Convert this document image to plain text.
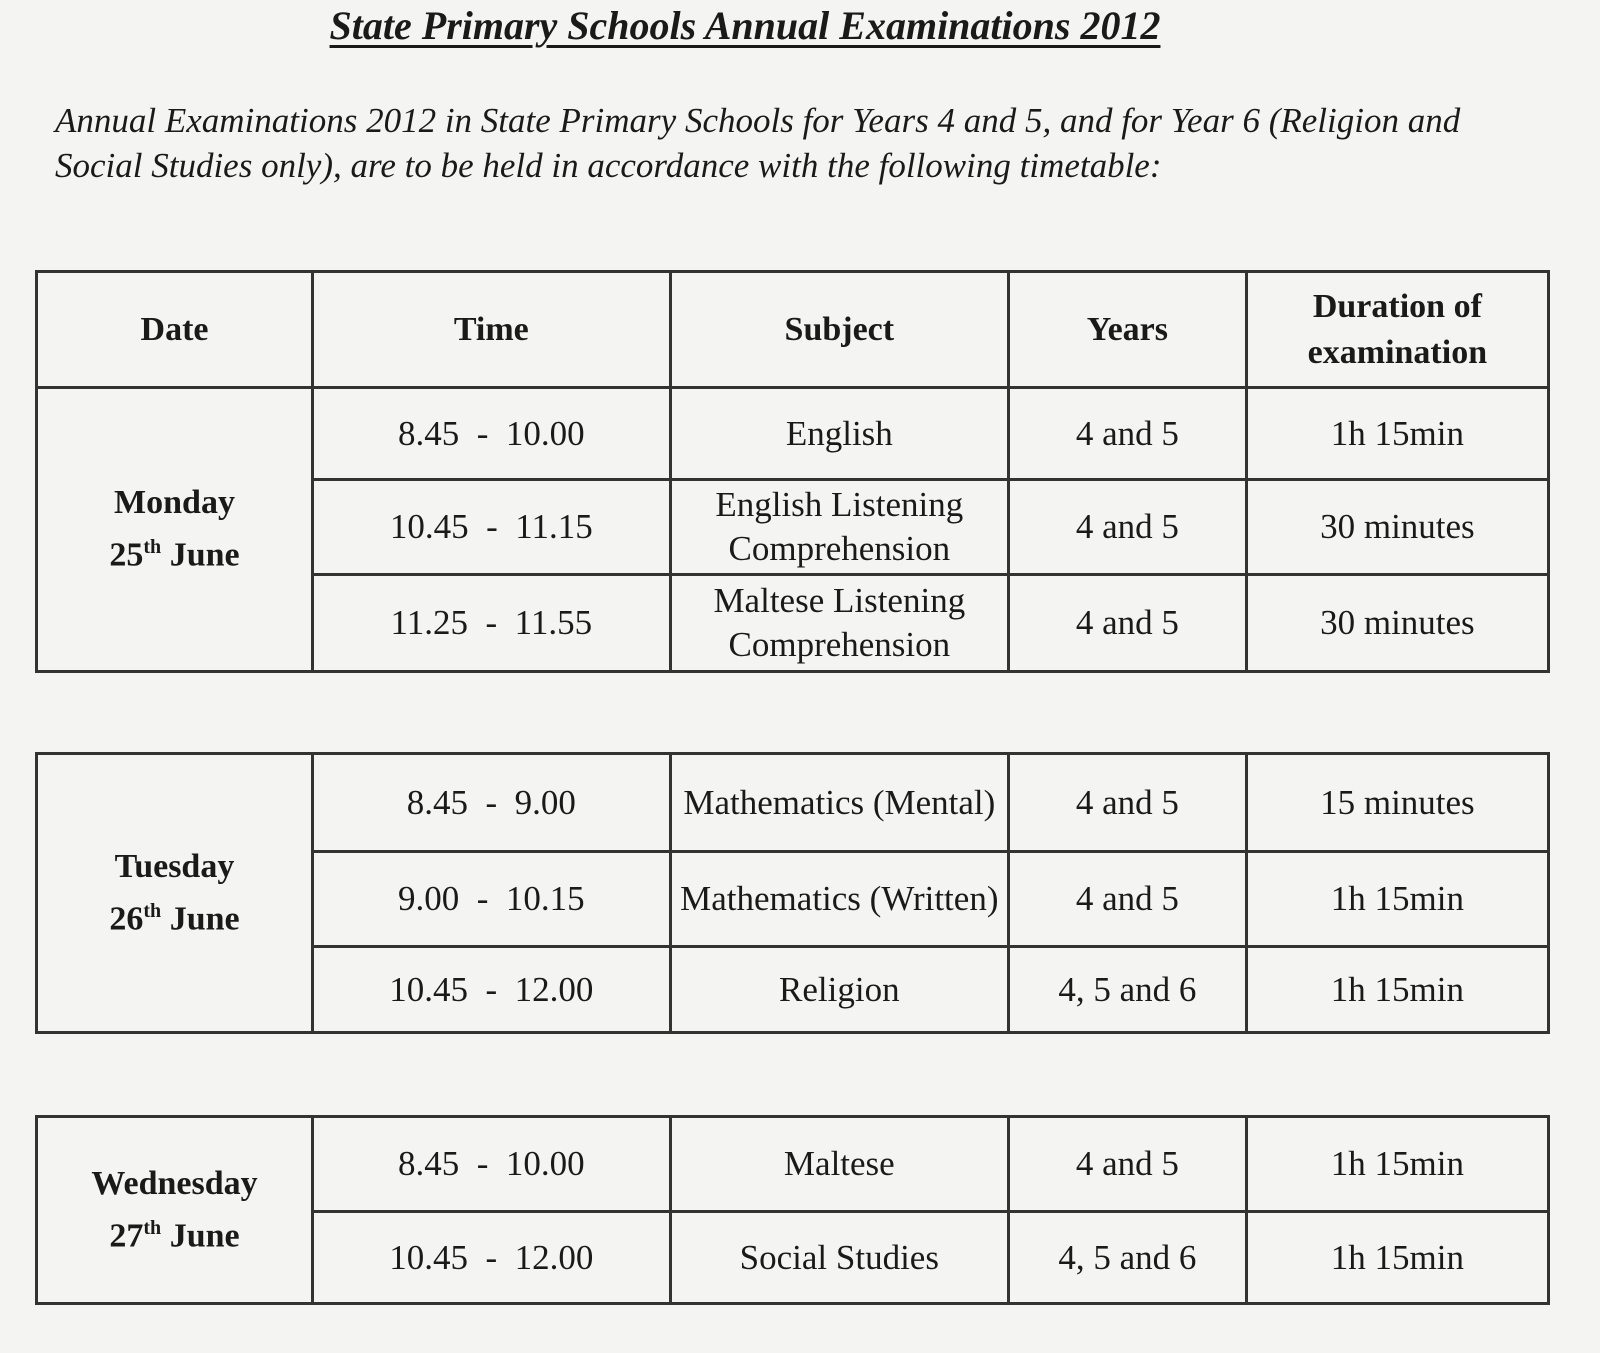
State Primary Schools Annual Examinations 2012
Annual Examinations 2012 in State Primary Schools for Years 4 and 5, and for Year 6 (Religion and Social Studies only), are to be held in accordance with the following timetable:
Date	Time	Subject	Years	Duration of examination
Monday
25th June	8.45  -  10.00	English	4 and 5	1h 15min
	10.45  -  11.15	English Listening Comprehension	4 and 5	30 minutes
	11.25  -  11.55	Maltese Listening Comprehension	4 and 5	30 minutes
Tuesday
26th June	8.45  -  9.00	Mathematics (Mental)	4 and 5	15 minutes
	9.00  -  10.15	Mathematics (Written)	4 and 5	1h 15min
	10.45  -  12.00	Religion	4, 5 and 6	1h 15min
Wednesday
27th June	8.45  -  10.00	Maltese	4 and 5	1h 15min
	10.45  -  12.00	Social Studies	4, 5 and 6	1h 15min
